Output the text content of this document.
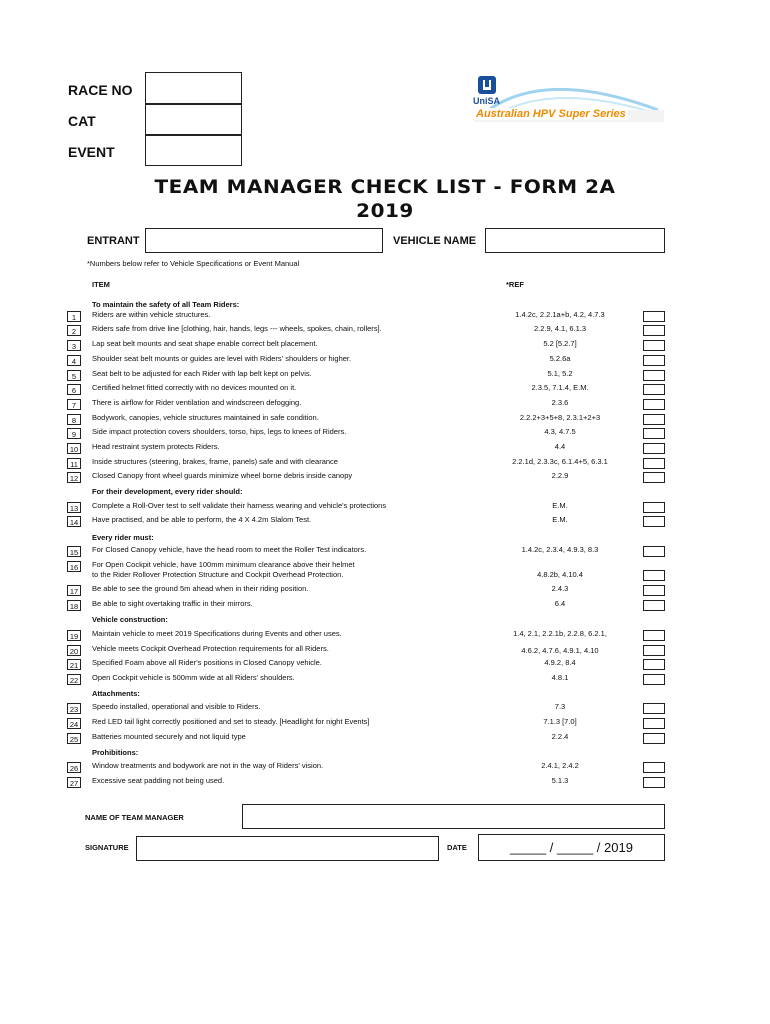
RACE NO
CAT
EVENT
UniSA
Australian HPV Super Series
TEAM MANAGER CHECK LIST - FORM 2A
2019
ENTRANT	VEHICLE NAME
*Numbers below refer to Vehicle Specifications or Event Manual
ITEM	*REF
To maintain the safety of all Team Riders:
For their development, every rider should:
Every rider must:
Vehicle construction:
Attachments:
Prohibitions:
1	Riders are within vehicle structures.	1.4.2c, 2.2.1a+b, 4.2, 4.7.3
2	Riders safe from drive line [clothing, hair, hands, legs --- wheels, spokes, chain, rollers].	2.2.9, 4.1, 6.1.3
3	Lap seat belt mounts and seat shape enable correct belt placement.	5.2 [5.2.7]
4	Shoulder seat belt mounts or guides are level with Riders' shoulders or higher.	5.2.6a
5	Seat belt to be adjusted for each Rider with lap belt kept on pelvis.	5.1, 5.2
6	Certified helmet fitted correctly with no devices mounted on it.	2.3.5, 7.1.4, E.M.
7	There is airflow for Rider ventilation and windscreen defogging.	2.3.6
8	Bodywork, canopies, vehicle structures maintained in safe condition.	2.2.2+3+5+8, 2.3.1+2+3
9	Side impact protection covers shoulders, torso, hips, legs to knees of Riders.	4.3, 4.7.5
10	Head restraint system protects Riders.	4.4
11	Inside structures (steering, brakes, frame, panels) safe and with clearance	2.2.1d, 2.3.3c, 6.1.4+5, 6.3.1
12	Closed Canopy front wheel guards minimize wheel borne debris inside canopy	2.2.9
13	Complete a Roll-Over test to self validate their harness wearing and vehicle's protections	E.M.
14	Have practised, and be able to perform, the 4 X 4.2m Slalom Test.	E.M.
15	For Closed Canopy vehicle, have the head room to meet the Roller Test indicators.	1.4.2c, 2.3.4, 4.9.3, 8.3
16	For Open Cockpit vehicle, have 100mm minimum clearance above their helmet
to the Rider Rollover Protection Structure and Cockpit Overhead Protection.	4.8.2b, 4.10.4
17	Be able to see the ground 5m ahead when in their riding position.	2.4.3
18	Be able to sight overtaking traffic in their mirrors.	6.4
19	Maintain vehicle to meet 2019 Specifications during Events and other uses.	1.4, 2.1, 2.2.1b, 2.2.8, 6.2.1,
20	Vehicle meets Cockpit Overhead Protection requirements for all Riders.	4.6.2, 4.7.6, 4.9.1, 4.10
21	Specified Foam above all Rider's positions in Closed Canopy vehicle.	4.9.2, 8.4
22	Open Cockpit vehicle is 500mm wide at all Riders' shoulders.	4.8.1
23	Speedo installed, operational and visible to Riders.	7.3
24	Red LED tail light correctly positioned and set to steady. [Headlight for night Events]	7.1.3 [7.0]
25	Batteries mounted securely and not liquid type	2.2.4
26	Window treatments and bodywork are not in the way of Riders' vision.	2.4.1, 2.4.2
27	Excessive seat padding not being used.	5.1.3
NAME OF TEAM MANAGER
SIGNATURE	DATE	_____ / _____ / 2019
